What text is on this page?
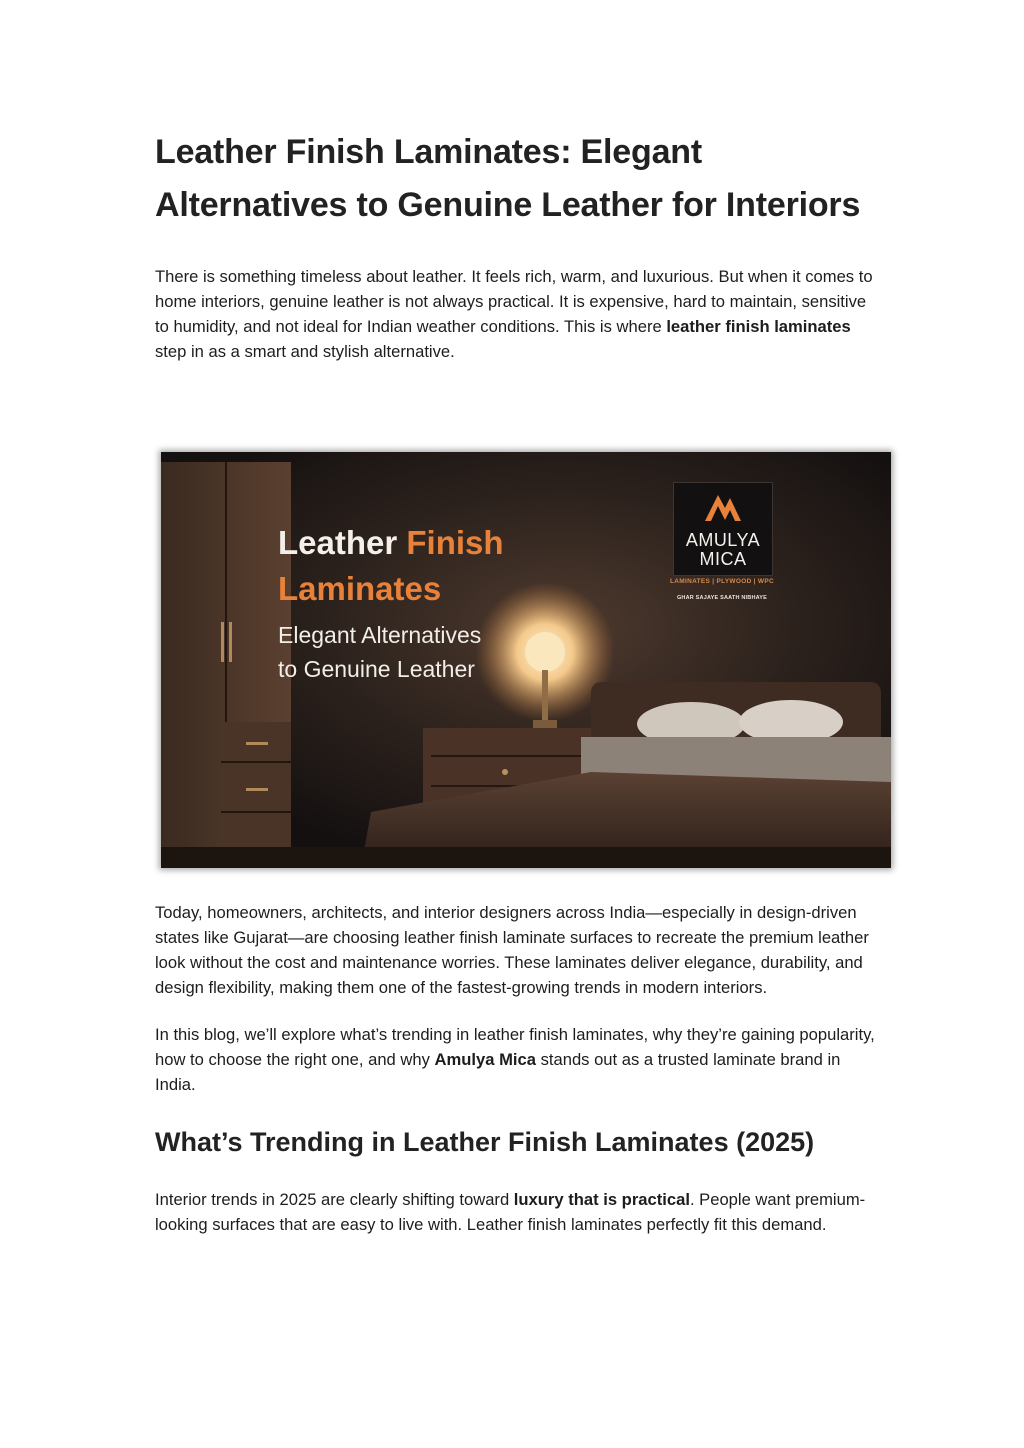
Leather Finish Laminates: Elegant Alternatives to Genuine Leather for Interiors

There is something timeless about leather. It feels rich, warm, and luxurious. But when it comes to home interiors, genuine leather is not always practical. It is expensive, hard to maintain, sensitive to humidity, and not ideal for Indian weather conditions. This is where leather finish laminates step in as a smart and stylish alternative.

Leather Finish
Laminates
Elegant Alternatives
to Genuine Leather
AMULYA
MICA
LAMINATES | PLYWOOD | WPC
GHAR SAJAYE SAATH NIBHAYE

Today, homeowners, architects, and interior designers across India—especially in design-driven states like Gujarat—are choosing leather finish laminate surfaces to recreate the premium leather look without the cost and maintenance worries. These laminates deliver elegance, durability, and design flexibility, making them one of the fastest-growing trends in modern interiors.

In this blog, we’ll explore what’s trending in leather finish laminates, why they’re gaining popularity, how to choose the right one, and why Amulya Mica stands out as a trusted laminate brand in India.

What’s Trending in Leather Finish Laminates (2025)

Interior trends in 2025 are clearly shifting toward luxury that is practical. People want premium-looking surfaces that are easy to live with. Leather finish laminates perfectly fit this demand.
